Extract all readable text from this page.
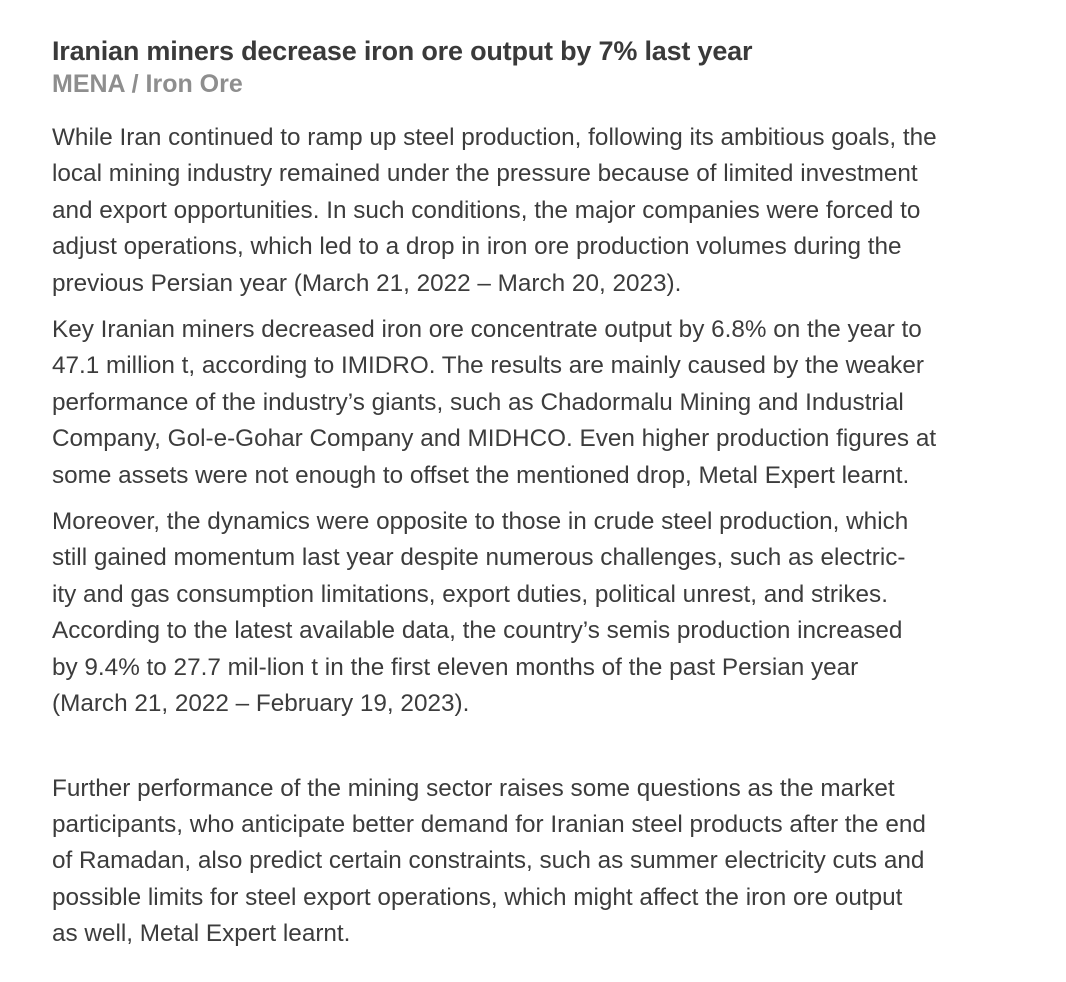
Iranian miners decrease iron ore output by 7% last year
MENA / Iron Ore

While Iran continued to ramp up steel production, following its ambitious goals, the
local mining industry remained under the pressure because of limited investment
and export opportunities. In such conditions, the major companies were forced to
adjust operations, which led to a drop in iron ore production volumes during the
previous Persian year (March 21, 2022 – March 20, 2023).

Key Iranian miners decreased iron ore concentrate output by 6.8% on the year to
47.1 million t, according to IMIDRO. The results are mainly caused by the weaker
performance of the industry’s giants, such as Chadormalu Mining and Industrial
Company, Gol-e-Gohar Company and MIDHCO. Even higher production figures at
some assets were not enough to offset the mentioned drop, Metal Expert learnt.

Moreover, the dynamics were opposite to those in crude steel production, which
still gained momentum last year despite numerous challenges, such as electric-
ity and gas consumption limitations, export duties, political unrest, and strikes.
According to the latest available data, the country’s semis production increased
by 9.4% to 27.7 mil-lion t in the first eleven months of the past Persian year
(March 21, 2022 – February 19, 2023).

Further performance of the mining sector raises some questions as the market
participants, who anticipate better demand for Iranian steel products after the end
of Ramadan, also predict certain constraints, such as summer electricity cuts and
possible limits for steel export operations, which might affect the iron ore output
as well, Metal Expert learnt.
